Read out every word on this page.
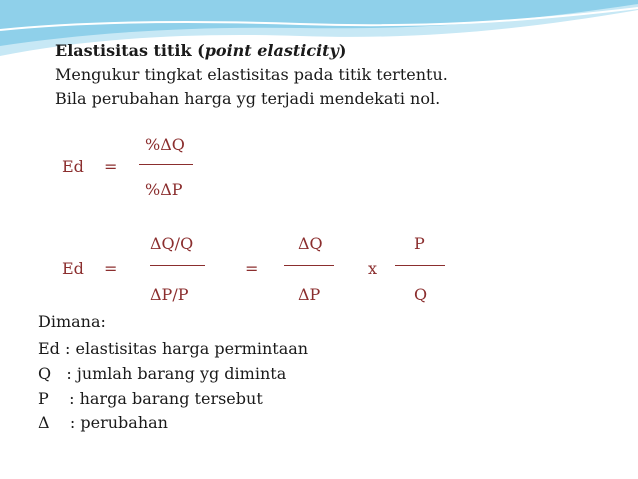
Elastisitas titik (point elasticity)
Mengukur tingkat elastisitas pada titik tertentu.
Bila perubahan harga yg terjadi mendekati nol.
Ed =
%ΔQ
%ΔP
Ed =
ΔQ/Q
ΔP/P
=
ΔQ
ΔP
x
P
Q
Dimana:
Ed : elastisitas harga permintaan
Q   : jumlah barang yg diminta
P    : harga barang tersebut
Δ    : perubahan
